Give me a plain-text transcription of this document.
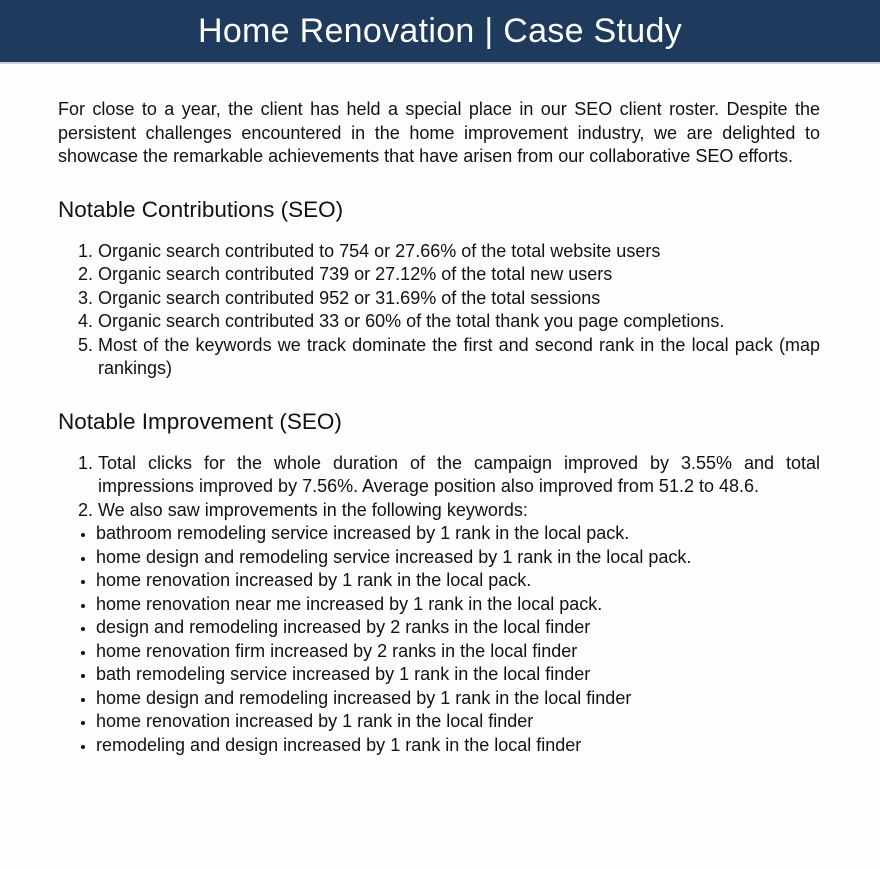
Home Renovation | Case Study

For close to a year, the client has held a special place in our SEO client roster. Despite the persistent challenges encountered in the home improvement industry, we are delighted to showcase the remarkable achievements that have arisen from our collaborative SEO efforts.

Notable Contributions (SEO)
1. Organic search contributed to 754 or 27.66% of the total website users
2. Organic search contributed 739 or 27.12% of the total new users
3. Organic search contributed 952 or 31.69% of the total sessions
4. Organic search contributed 33 or 60% of the total thank you page completions.
5. Most of the keywords we track dominate the first and second rank in the local pack (map rankings)
Notable Improvement (SEO)
1. Total clicks for the whole duration of the campaign improved by 3.55% and total impressions improved by 7.56%. Average position also improved from 51.2 to 48.6.
2. We also saw improvements in the following keywords:
• bathroom remodeling service increased by 1 rank in the local pack.
• home design and remodeling service increased by 1 rank in the local pack.
• home renovation increased by 1 rank in the local pack.
• home renovation near me increased by 1 rank in the local pack.
• design and remodeling increased by 2 ranks in the local finder
• home renovation firm increased by 2 ranks in the local finder
• bath remodeling service increased by 1 rank in the local finder
• home design and remodeling increased by 1 rank in the local finder
• home renovation increased by 1 rank in the local finder
• remodeling and design increased by 1 rank in the local finder
